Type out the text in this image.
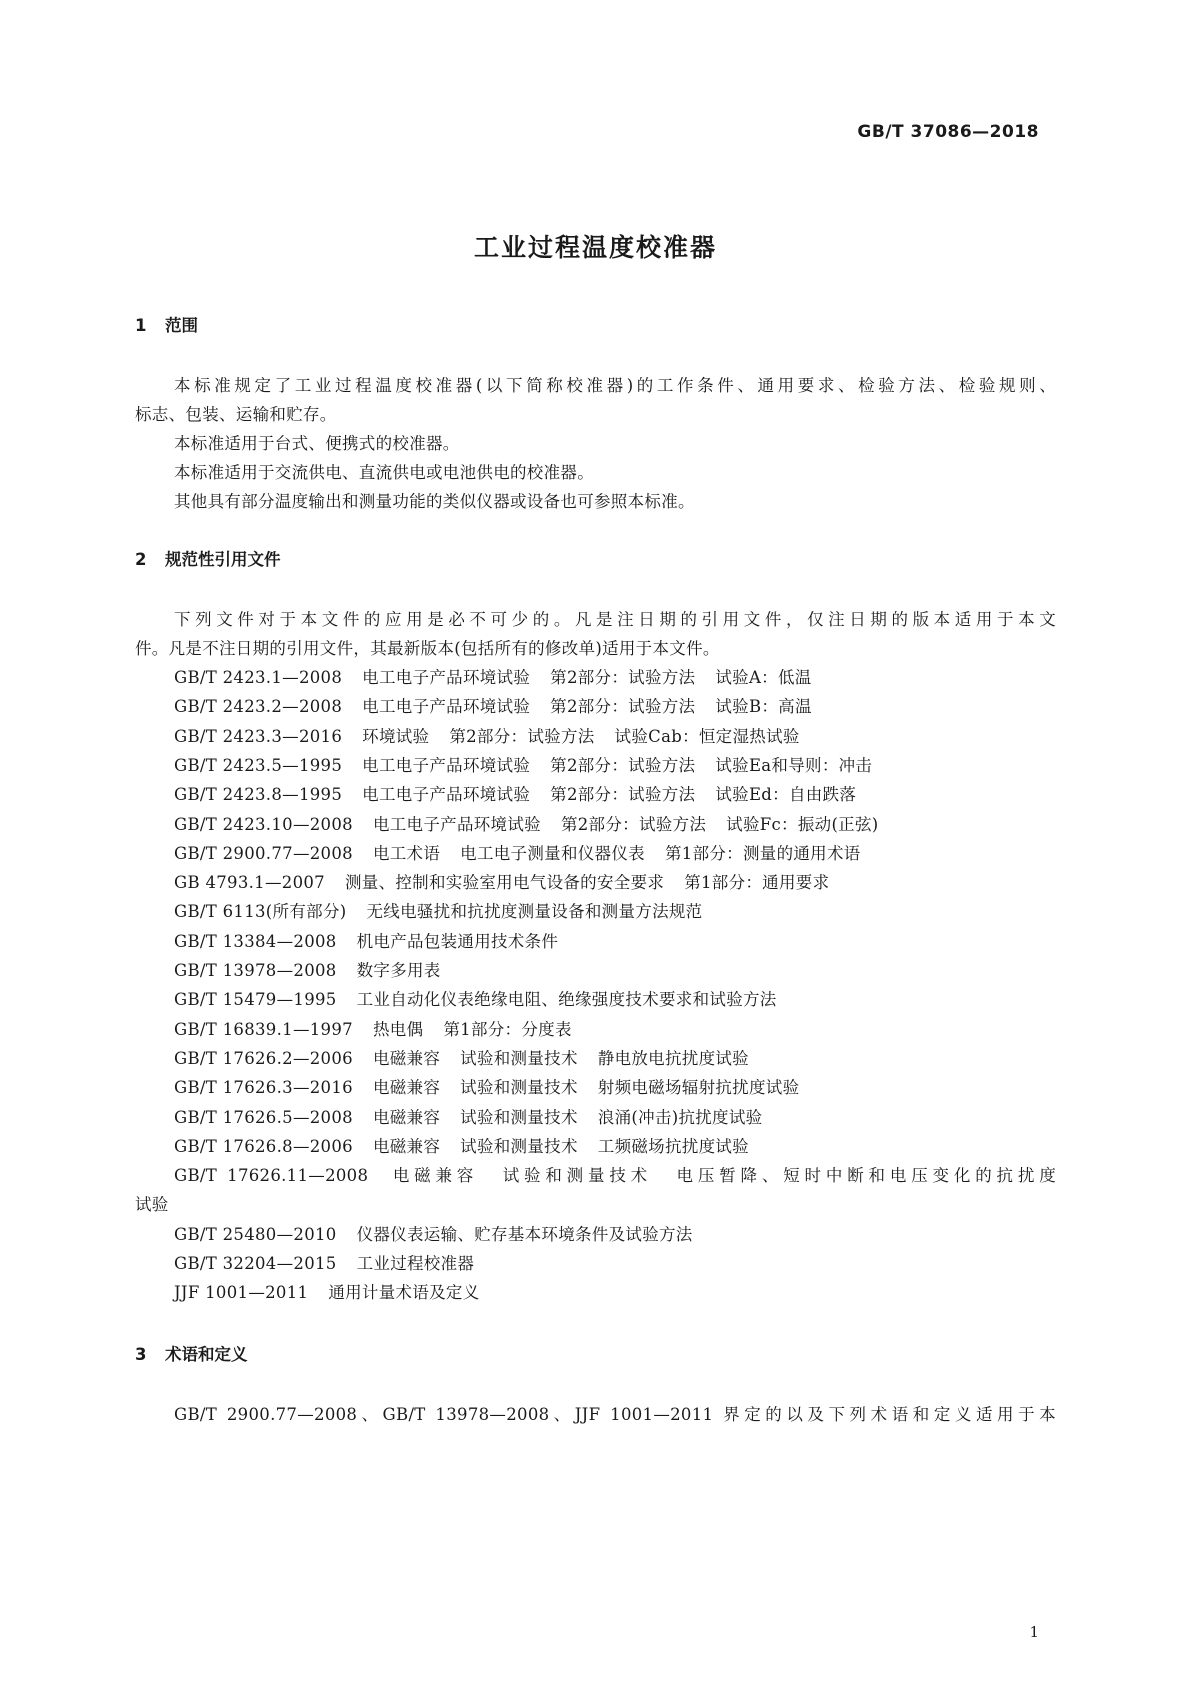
GB/T 37086—2018
工业过程温度校准器
1 范围
本标准规定了工业过程温度校准器(以下简称校准器)的工作条件、通用要求、检验方法、检验规则、
标志、包装、运输和贮存。
本标准适用于台式、便携式的校准器。
本标准适用于交流供电、直流供电或电池供电的校准器。
其他具有部分温度输出和测量功能的类似仪器或设备也可参照本标准。
2 规范性引用文件
下列文件对于本文件的应用是必不可少的。凡是注日期的引用文件，仅注日期的版本适用于本文
件。凡是不注日期的引用文件，其最新版本(包括所有的修改单)适用于本文件。
GB/T 2423.1—2008 电工电子产品环境试验 第2部分：试验方法 试验A：低温
GB/T 2423.2—2008 电工电子产品环境试验 第2部分：试验方法 试验B：高温
GB/T 2423.3—2016 环境试验 第2部分：试验方法 试验Cab：恒定湿热试验
GB/T 2423.5—1995 电工电子产品环境试验 第2部分：试验方法 试验Ea和导则：冲击
GB/T 2423.8—1995 电工电子产品环境试验 第2部分：试验方法 试验Ed：自由跌落
GB/T 2423.10—2008 电工电子产品环境试验 第2部分：试验方法 试验Fc：振动(正弦)
GB/T 2900.77—2008 电工术语 电工电子测量和仪器仪表 第1部分：测量的通用术语
GB 4793.1—2007 测量、控制和实验室用电气设备的安全要求 第1部分：通用要求
GB/T 6113(所有部分) 无线电骚扰和抗扰度测量设备和测量方法规范
GB/T 13384—2008 机电产品包装通用技术条件
GB/T 13978—2008 数字多用表
GB/T 15479—1995 工业自动化仪表绝缘电阻、绝缘强度技术要求和试验方法
GB/T 16839.1—1997 热电偶 第1部分：分度表
GB/T 17626.2—2006 电磁兼容 试验和测量技术 静电放电抗扰度试验
GB/T 17626.3—2016 电磁兼容 试验和测量技术 射频电磁场辐射抗扰度试验
GB/T 17626.5—2008 电磁兼容 试验和测量技术 浪涌(冲击)抗扰度试验
GB/T 17626.8—2006 电磁兼容 试验和测量技术 工频磁场抗扰度试验
GB/T 17626.11—2008 电磁兼容 试验和测量技术 电压暂降、短时中断和电压变化的抗扰度
试验
GB/T 25480—2010 仪器仪表运输、贮存基本环境条件及试验方法
GB/T 32204—2015 工业过程校准器
JJF 1001—2011 通用计量术语及定义
3 术语和定义
GB/T 2900.77—2008、GB/T 13978—2008、JJF 1001—2011 界定的以及下列术语和定义适用于本
1
